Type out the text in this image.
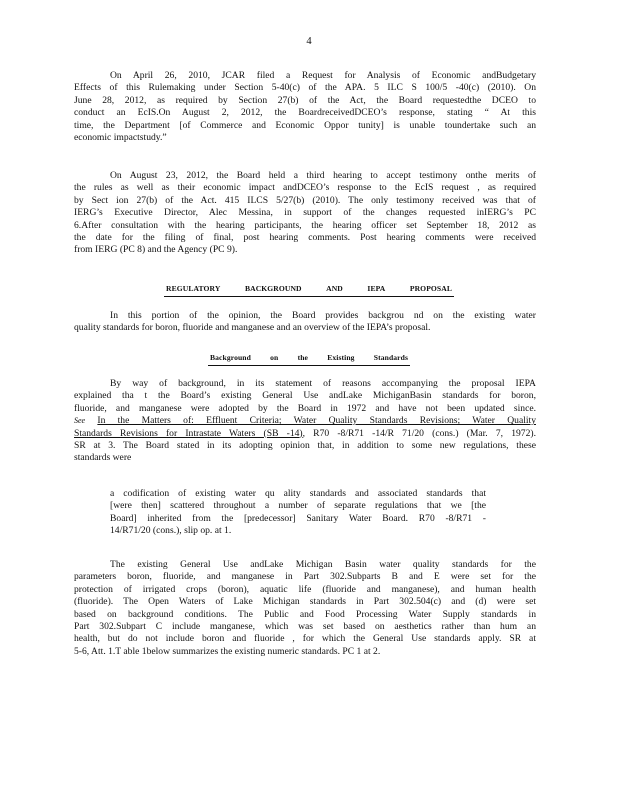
4
On April 26, 2010, JCAR filed a Request for Analysis of Economic andBudgetary
Effects of this Rulemaking under Section 5-40(c) of the APA. 5 ILC S 100/5 -40(c) (2010). On
June 28, 2012, as required by Section 27(b) of the Act, the Board requestedthe DCEO to
conduct an EcIS.On August 2, 2012, the BoardreceivedDCEO’s response, stating “ At this
time, the Department [of Commerce and Economic Oppor tunity] is unable toundertake such an
economic impactstudy.”
On August 23, 2012, the Board held a third hearing to accept testimony onthe merits of
the rules as well as their economic impact andDCEO’s response to the EcIS request , as required
by Sect ion 27(b) of the Act. 415 ILCS 5/27(b) (2010). The only testimony received was that of
IERG’s Executive Director, Alec Messina, in support of the changes requested inIERG’s PC
6.After consultation with the hearing participants, the hearing officer set September 18, 2012 as
the date for the filing of final, post hearing comments. Post hearing comments were received
from IERG (PC 8) and the Agency (PC 9).
REGULATORY	BACKGROUND	AND	IEPA	PROPOSAL
In this portion of the opinion, the Board provides backgrou nd on the existing water
quality standards for boron, fluoride and manganese and an overview of the IEPA’s proposal.
Background	on	the	Existing	Standards
By way of background, in its statement of reasons accompanying the proposal IEPA
explained tha t the Board’s existing General Use andLake MichiganBasin standards for boron,
fluoride, and manganese were adopted by the Board in 1972 and have not been updated since.
See In the Matters of: Effluent Criteria; Water Quality Standards Revisions; Water Quality
Standards Revisions for Intrastate Waters (SB -14), R70 -8/R71 -14/R 71/20 (cons.) (Mar. 7, 1972).
SR at 3. The Board stated in its adopting opinion that, in addition to some new regulations, these
standards were
a codification of existing water qu ality standards and associated standards that
[were then] scattered throughout a number of separate regulations that we [the
Board] inherited from the [predecessor] Sanitary Water Board. R70 -8/R71 -
14/R71/20 (cons.), slip op. at 1.
The existing General Use andLake Michigan Basin water quality standards for the
parameters boron, fluoride, and manganese in Part 302.Subparts B and E were set for the
protection of irrigated crops (boron), aquatic life (fluoride and manganese), and human health
(fluoride). The Open Waters of Lake Michigan standards in Part 302.504(c) and (d) were set
based on background conditions. The Public and Food Processing Water Supply standards in
Part 302.Subpart C include manganese, which was set based on aesthetics rather than hum an
health, but do not include boron and fluoride , for which the General Use standards apply. SR at
5-6, Att. 1.T able 1below summarizes the existing numeric standards. PC 1 at 2.
